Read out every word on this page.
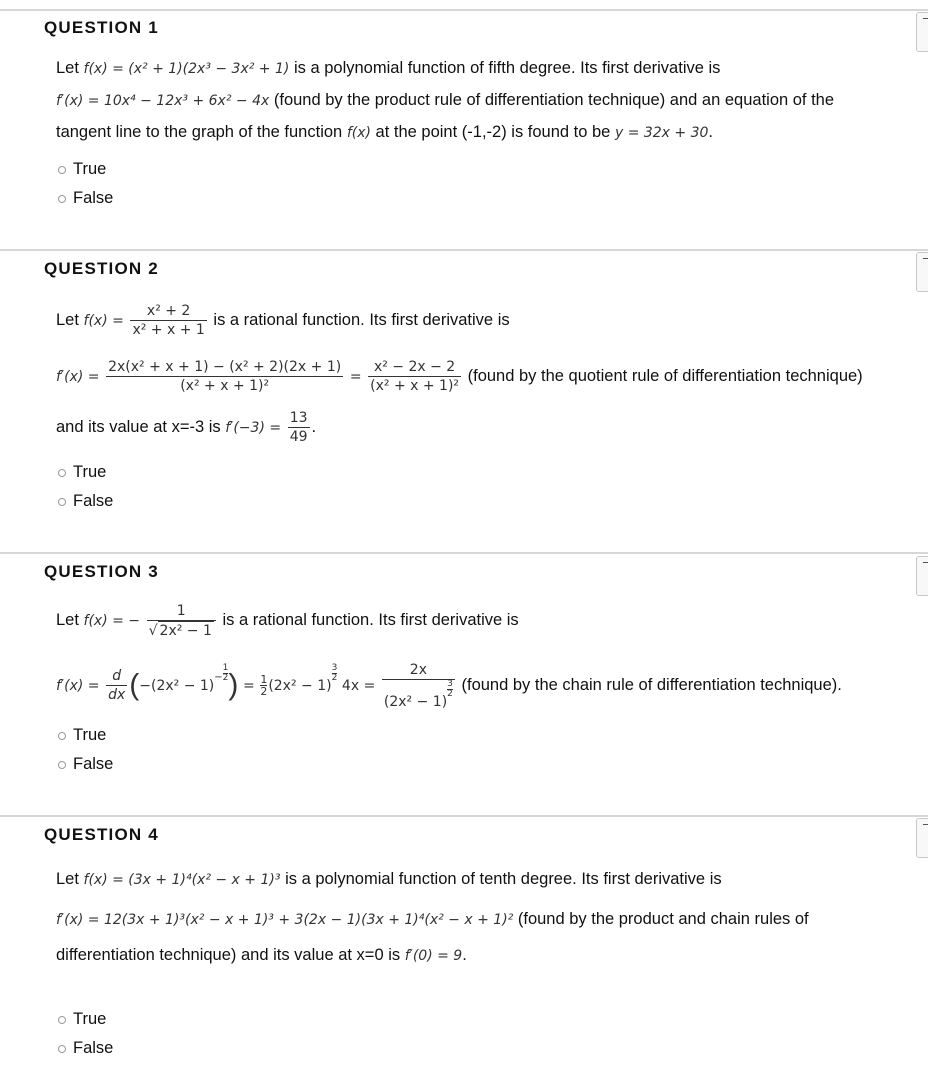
QUESTION 1
Let f(x) = (x² + 1)(2x³ − 3x² + 1) is a polynomial function of fifth degree. Its first derivative is
f′(x) = 10x⁴ − 12x³ + 6x² − 4x (found by the product rule of differentiation technique) and an equation of the
tangent line to the graph of the function f(x) at the point (-1,-2) is found to be y = 32x + 30.
True
False
QUESTION 2
Let $f(x) = \frac{\text{x² + 2}}{\text{x² + x + 1}}$ is a rational function. Its first derivative is
$f'(x) = \frac{\text{2x(x² + x + 1) − (x² + 2)(2x + 1)}}{\text{(x² + x + 1)²}} = \frac{\text{x² − 2x − 2}}{\text{(x² + x + 1)²}}$ (found by the quotient rule of differentiation technique)
and its value at x=-3 is $f'(-3) = \frac{13}{49}$ .
True
False
QUESTION 3
Let f(x) = − $\frac{1}{\text{√ 2x² − 1}}$ is a rational function. Its first derivative is
$f'(x) = \frac{d}{dx} (-(2x^2 - 1)^- \frac{1}{2}$ ) = $\frac{1}{2} (2x^2 - 1)$
$\frac{3}{2}$
4x = 2x
(2x² − 1)
$\frac{3}{2}$ (found by the chain rule of differentiation technique).
True
False
QUESTION 4
Let f(x) = (3x + 1)⁴(x² − x + 1)³ is a polynomial function of tenth degree. Its first derivative is
f′(x) = 12(3x + 1)³(x² − x + 1)³ + 3(2x − 1)(3x + 1)⁴(x² − x + 1)² (found by the product and chain rules of
differentiation technique) and its value at x=0 is f′(0) = 9.
True
False
